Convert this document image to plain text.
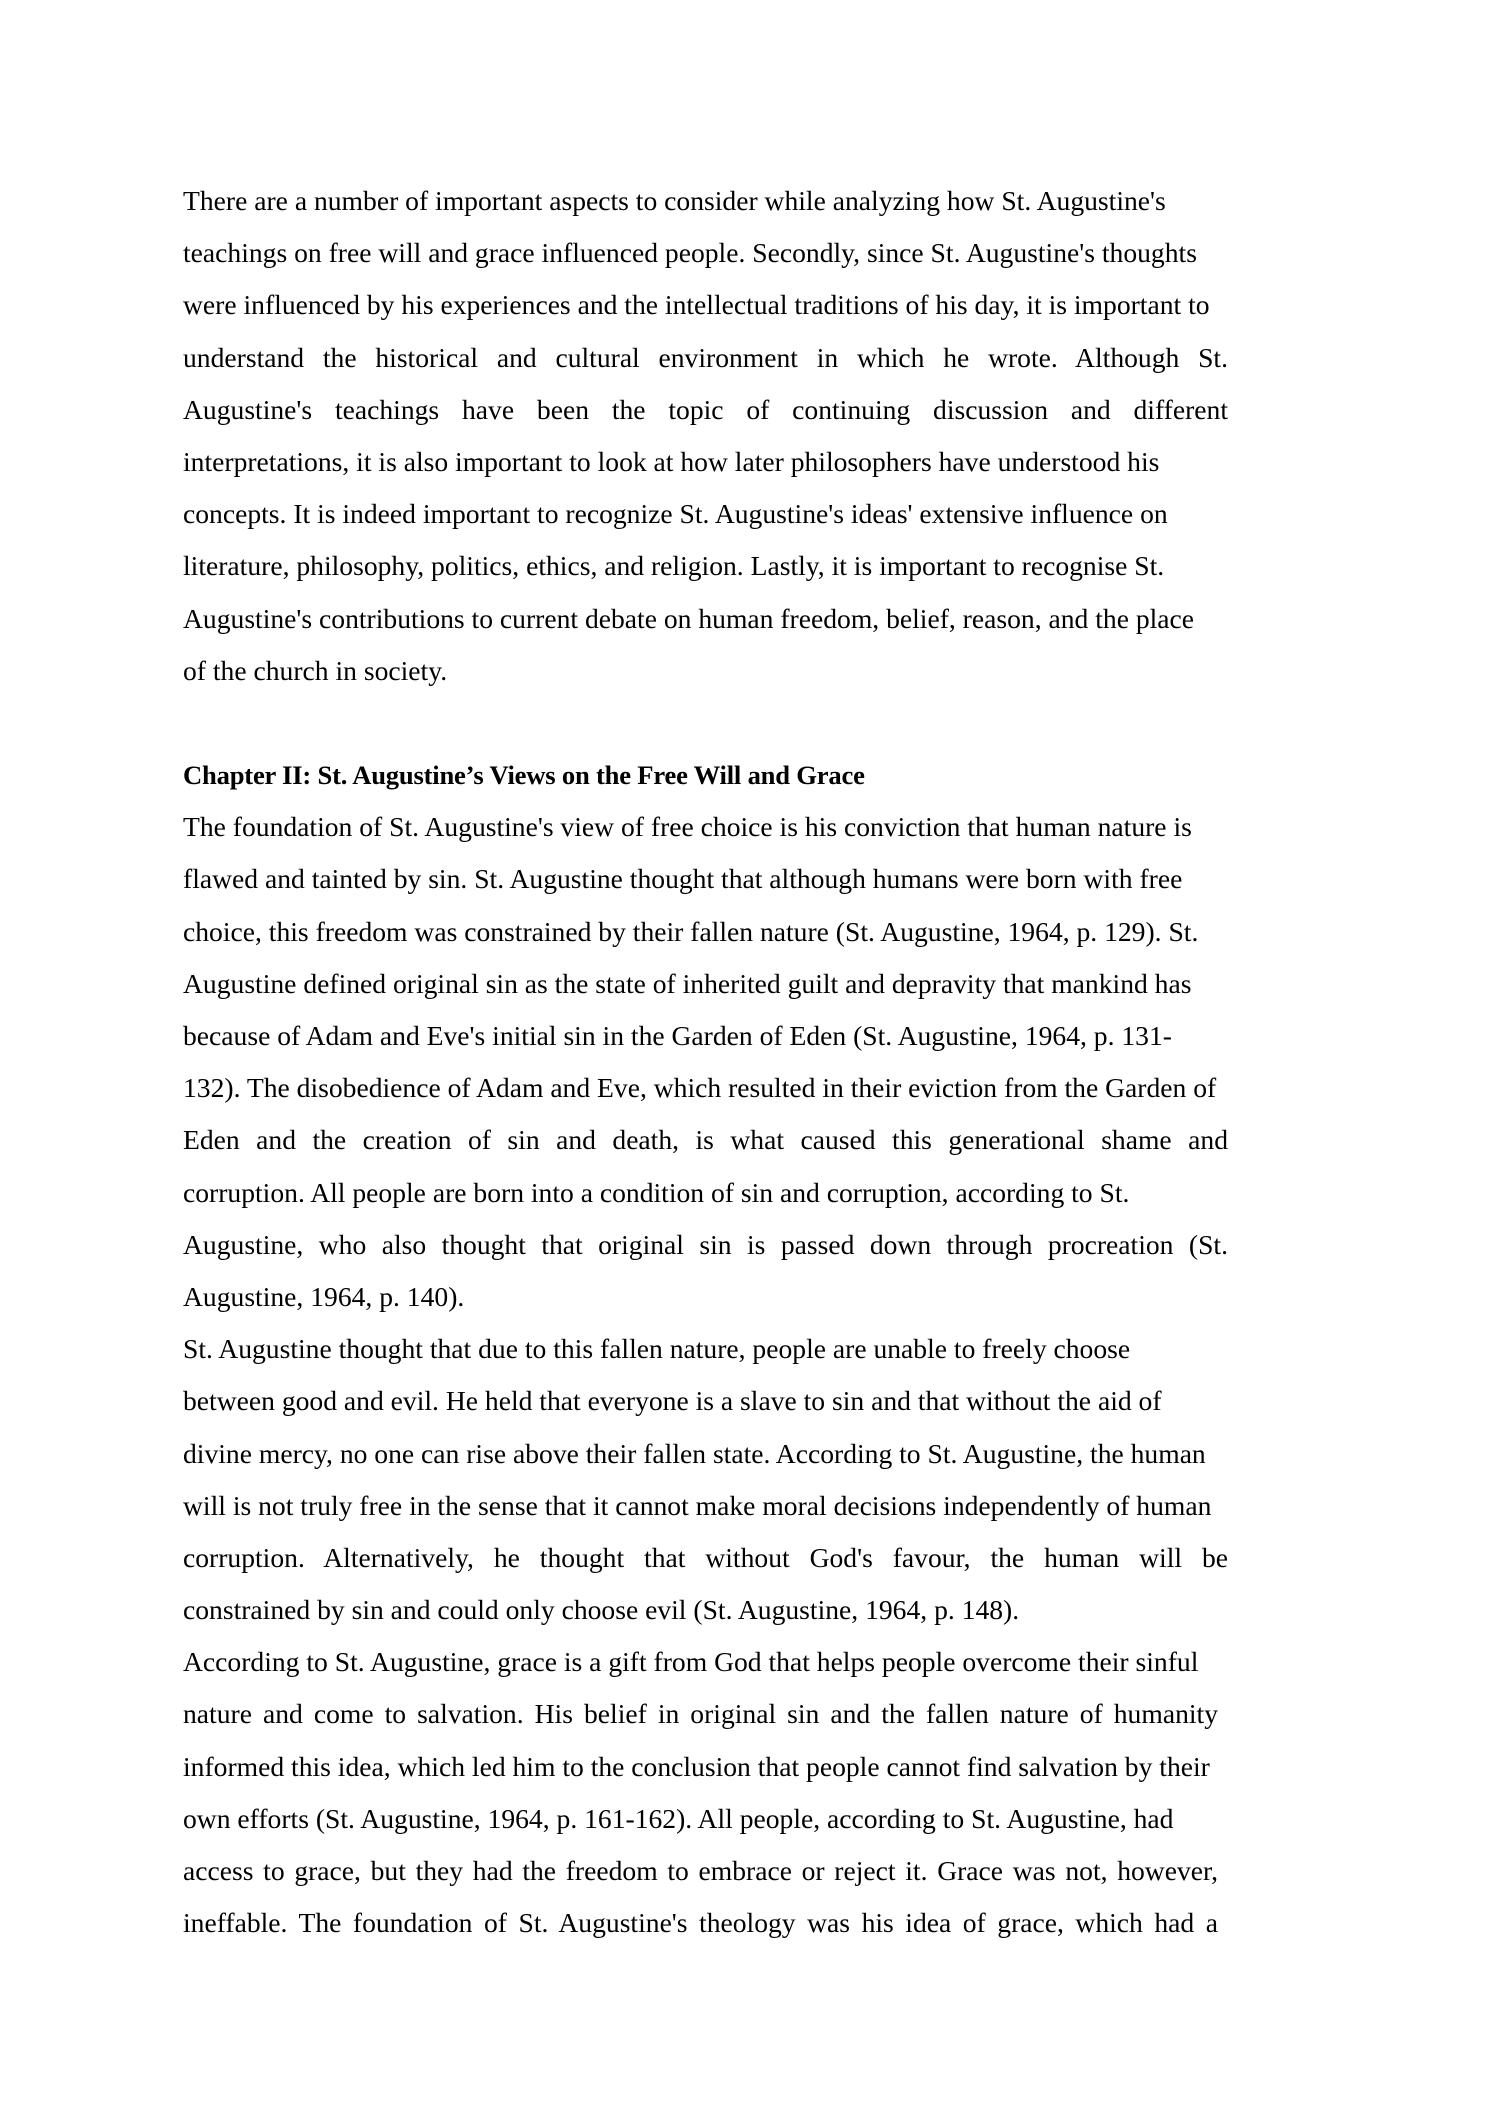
There are a number of important aspects to consider while analyzing how St. Augustine's
teachings on free will and grace influenced people. Secondly, since St. Augustine's thoughts
were influenced by his experiences and the intellectual traditions of his day, it is important to
understand the historical and cultural environment in which he wrote. Although St.
Augustine's teachings have been the topic of continuing discussion and different
interpretations, it is also important to look at how later philosophers have understood his
concepts. It is indeed important to recognize St. Augustine's ideas' extensive influence on
literature, philosophy, politics, ethics, and religion. Lastly, it is important to recognise St.
Augustine's contributions to current debate on human freedom, belief, reason, and the place
of the church in society.
Chapter II: St. Augustine’s Views on the Free Will and Grace
The foundation of St. Augustine's view of free choice is his conviction that human nature is
flawed and tainted by sin. St. Augustine thought that although humans were born with free
choice, this freedom was constrained by their fallen nature (St. Augustine, 1964, p. 129). St.
Augustine defined original sin as the state of inherited guilt and depravity that mankind has
because of Adam and Eve's initial sin in the Garden of Eden (St. Augustine, 1964, p. 131-
132). The disobedience of Adam and Eve, which resulted in their eviction from the Garden of
Eden and the creation of sin and death, is what caused this generational shame and
corruption. All people are born into a condition of sin and corruption, according to St.
Augustine, who also thought that original sin is passed down through procreation (St.
Augustine, 1964, p. 140).
St. Augustine thought that due to this fallen nature, people are unable to freely choose
between good and evil. He held that everyone is a slave to sin and that without the aid of
divine mercy, no one can rise above their fallen state. According to St. Augustine, the human
will is not truly free in the sense that it cannot make moral decisions independently of human
corruption. Alternatively, he thought that without God's favour, the human will be
constrained by sin and could only choose evil (St. Augustine, 1964, p. 148).
According to St. Augustine, grace is a gift from God that helps people overcome their sinful
nature and come to salvation. His belief in original sin and the fallen nature of humanity
informed this idea, which led him to the conclusion that people cannot find salvation by their
own efforts (St. Augustine, 1964, p. 161-162). All people, according to St. Augustine, had
access to grace, but they had the freedom to embrace or reject it. Grace was not, however,
ineffable. The foundation of St. Augustine's theology was his idea of grace, which had a
